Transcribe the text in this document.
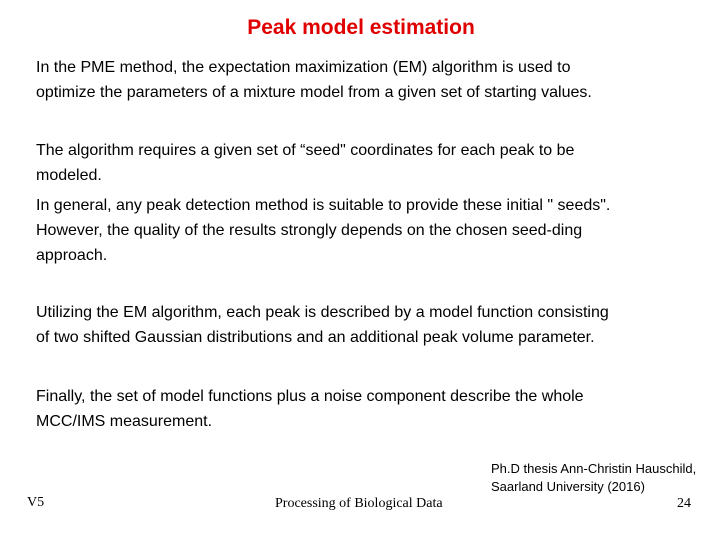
Peak model estimation
In the PME method, the expectation maximization (EM) algorithm is used to
optimize the parameters of a mixture model from a given set of starting values.
The algorithm requires a given set of “seed" coordinates for each peak to be
modeled.
In general, any peak detection method is suitable to provide these initial " seeds".
However, the quality of the results strongly depends on the chosen seed-ding
approach.
Utilizing the EM algorithm, each peak is described by a model function consisting
of two shifted Gaussian distributions and an additional peak volume parameter.
Finally, the set of model functions plus a noise component describe the whole
MCC/IMS measurement.
V5	Processing of Biological Data
Ph.D thesis Ann-Christin Hauschild,
Saarland University (2016)
24
